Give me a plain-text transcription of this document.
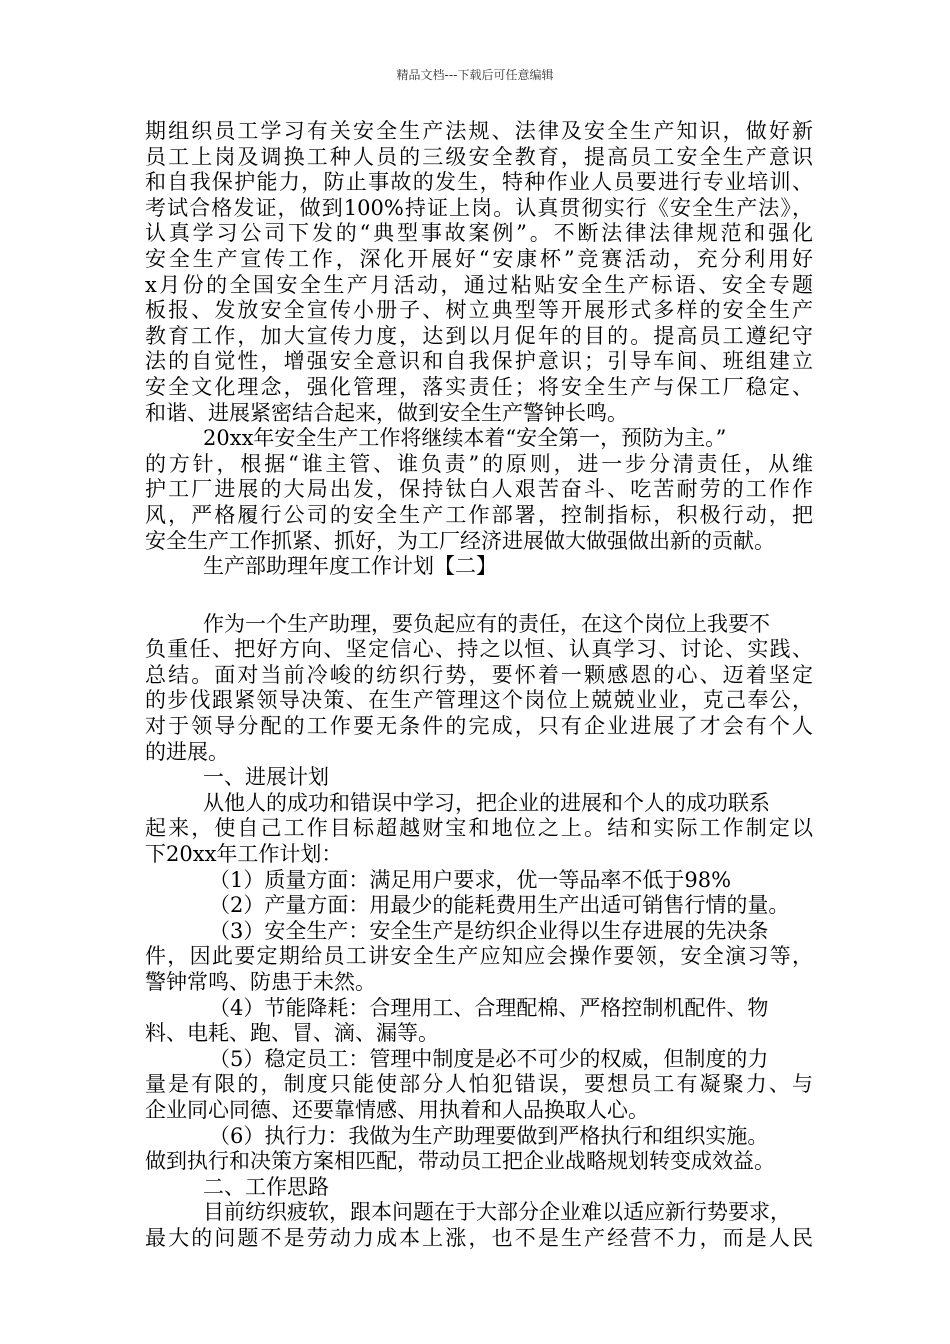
精品文档---下载后可任意编辑
期组织员工学习有关安全生产法规、法律及安全生产知识，做好新
员工上岗及调换工种人员的三级安全教育，提高员工安全生产意识
和自我保护能力，防止事故的发生，特种作业人员要进行专业培训、
考试合格发证，做到100%持证上岗。认真贯彻实行《安全生产法》，
认真学习公司下发的“典型事故案例”。不断法律法律规范和强化
安全生产宣传工作，深化开展好“安康杯”竞赛活动，充分利用好
x月份的全国安全生产月活动，通过粘贴安全生产标语、安全专题
板报、发放安全宣传小册子、树立典型等开展形式多样的安全生产
教育工作，加大宣传力度，达到以月促年的目的。提高员工遵纪守
法的自觉性，增强安全意识和自我保护意识；引导车间、班组建立
安全文化理念，强化管理，落实责任；将安全生产与保工厂稳定、
和谐、进展紧密结合起来，做到安全生产警钟长鸣。
20xx年安全生产工作将继续本着“安全第一，预防为主。”
的方针，根据“谁主管、谁负责”的原则，进一步分清责任，从维
护工厂进展的大局出发，保持钛白人艰苦奋斗、吃苦耐劳的工作作
风，严格履行公司的安全生产工作部署，控制指标，积极行动，把
安全生产工作抓紧、抓好，为工厂经济进展做大做强做出新的贡献。
生产部助理年度工作计划【二】
作为一个生产助理，要负起应有的责任，在这个岗位上我要不
负重任、把好方向、坚定信心、持之以恒、认真学习、讨论、实践、
总结。面对当前冷峻的纺织行势，要怀着一颗感恩的心、迈着坚定
的步伐跟紧领导决策、在生产管理这个岗位上兢兢业业，克己奉公，
对于领导分配的工作要无条件的完成，只有企业进展了才会有个人
的进展。
一、进展计划
从他人的成功和错误中学习，把企业的进展和个人的成功联系
起来，使自己工作目标超越财宝和地位之上。结和实际工作制定以
下20xx年工作计划：
（1）质量方面：满足用户要求，优一等品率不低于98%
（2）产量方面：用最少的能耗费用生产出适可销售行情的量。
（3）安全生产：安全生产是纺织企业得以生存进展的先决条
件，因此要定期给员工讲安全生产应知应会操作要领，安全演习等，
警钟常鸣、防患于未然。
（4）节能降耗：合理用工、合理配棉、严格控制机配件、物
料、电耗、跑、冒、滴、漏等。
（5）稳定员工：管理中制度是必不可少的权威，但制度的力
量是有限的，制度只能使部分人怕犯错误，要想员工有凝聚力、与
企业同心同德、还要靠情感、用执着和人品换取人心。
（6）执行力：我做为生产助理要做到严格执行和组织实施。
做到执行和决策方案相匹配，带动员工把企业战略规划转变成效益。
二、工作思路
目前纺织疲软，跟本问题在于大部分企业难以适应新行势要求，
最大的问题不是劳动力成本上涨，也不是生产经营不力，而是人民
